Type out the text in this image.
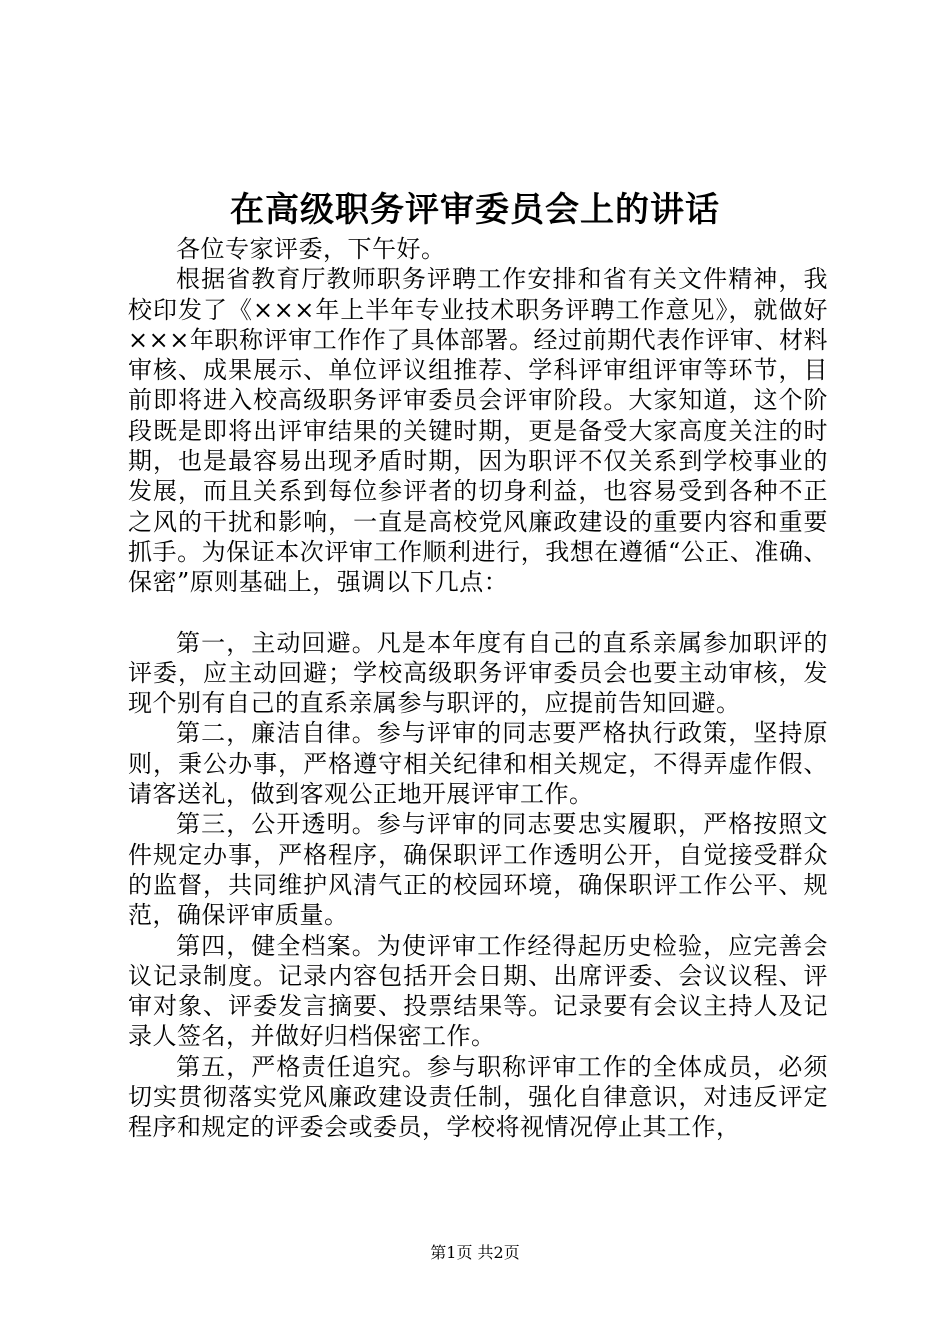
在高级职务评审委员会上的讲话

各位专家评委，下午好。

根据省教育厅教师职务评聘工作安排和省有关文件精神，我校印发了《×××年上半年专业技术职务评聘工作意见》，就做好×××年职称评审工作作了具体部署。经过前期代表作评审、材料审核、成果展示、单位评议组推荐、学科评审组评审等环节，目前即将进入校高级职务评审委员会评审阶段。大家知道，这个阶段既是即将出评审结果的关键时期，更是备受大家高度关注的时期，也是最容易出现矛盾时期，因为职评不仅关系到学校事业的发展，而且关系到每位参评者的切身利益，也容易受到各种不正之风的干扰和影响，一直是高校党风廉政建设的重要内容和重要抓手。为保证本次评审工作顺利进行，我想在遵循“公正、准确、保密”原则基础上，强调以下几点：

第一，主动回避。凡是本年度有自己的直系亲属参加职评的评委，应主动回避；学校高级职务评审委员会也要主动审核，发现个别有自己的直系亲属参与职评的，应提前告知回避。

第二，廉洁自律。参与评审的同志要严格执行政策，坚持原则，秉公办事，严格遵守相关纪律和相关规定，不得弄虚作假、请客送礼，做到客观公正地开展评审工作。

第三，公开透明。参与评审的同志要忠实履职，严格按照文件规定办事，严格程序，确保职评工作透明公开，自觉接受群众的监督，共同维护风清气正的校园环境，确保职评工作公平、规范，确保评审质量。

第四，健全档案。为使评审工作经得起历史检验，应完善会议记录制度。记录内容包括开会日期、出席评委、会议议程、评审对象、评委发言摘要、投票结果等。记录要有会议主持人及记录人签名，并做好归档保密工作。

第五，严格责任追究。参与职称评审工作的全体成员，必须切实贯彻落实党风廉政建设责任制，强化自律意识，对违反评定程序和规定的评委会或委员，学校将视情况停止其工作，

第1页 共2页
